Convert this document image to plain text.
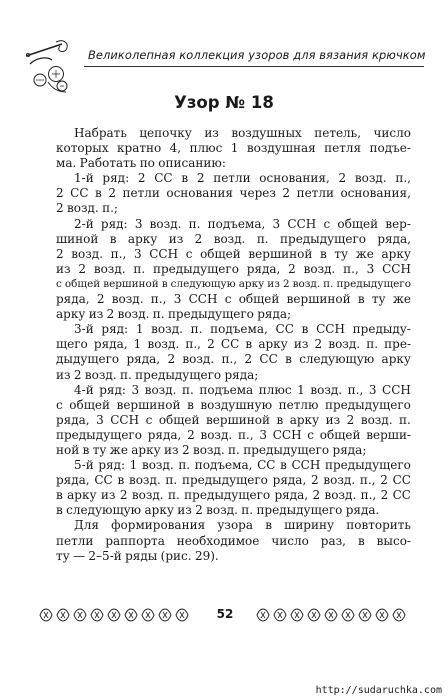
Великолепная коллекция узоров для вязания крючком
Узор № 18
Набрать цепочку из воздушных петель, число
которых кратно 4, плюс 1 воздушная петля подъе-
ма. Работать по описанию:
1-й ряд: 2 СС в 2 петли основания, 2 возд. п.,
2 СС в 2 петли основания через 2 петли основания,
2 возд. п.;
2-й ряд: 3 возд. п. подъема, 3 ССН с общей вер-
шиной в арку из 2 возд. п. предыдущего ряда,
2 возд. п., 3 ССН с общей вершиной в ту же арку
из 2 возд. п. предыдущего ряда, 2 возд. п., 3 ССН
с общей вершиной в следующую арку из 2 возд. п. предыдущего
ряда, 2 возд. п., 3 ССН с общей вершиной в ту же
арку из 2 возд. п. предыдущего ряда;
3-й ряд: 1 возд. п. подъема, СС в ССН предыду-
щего ряда, 1 возд. п., 2 СС в арку из 2 возд. п. пре-
дыдущего ряда, 2 возд. п., 2 СС в следующую арку
из 2 возд. п. предыдущего ряда;
4-й ряд: 3 возд. п. подъема плюс 1 возд. п., 3 ССН
с общей вершиной в воздушную петлю предыдущего
ряда, 3 ССН с общей вершиной в арку из 2 возд. п.
предыдущего ряда, 2 возд. п., 3 ССН с общей верши-
ной в ту же арку из 2 возд. п. предыдущего ряда;
5-й ряд: 1 возд. п. подъема, СС в ССН предыдущего
ряда, СС в возд. п. предыдущего ряда, 2 возд. п., 2 СС
в арку из 2 возд. п. предыдущего ряда, 2 возд. п., 2 СС
в следующую арку из 2 возд. п. предыдущего ряда.
Для формирования узора в ширину повторить
петли раппорта необходимое число раз, в высо-
ту — 2–5-й ряды (рис. 29).
52
http://sudaruchka.com
